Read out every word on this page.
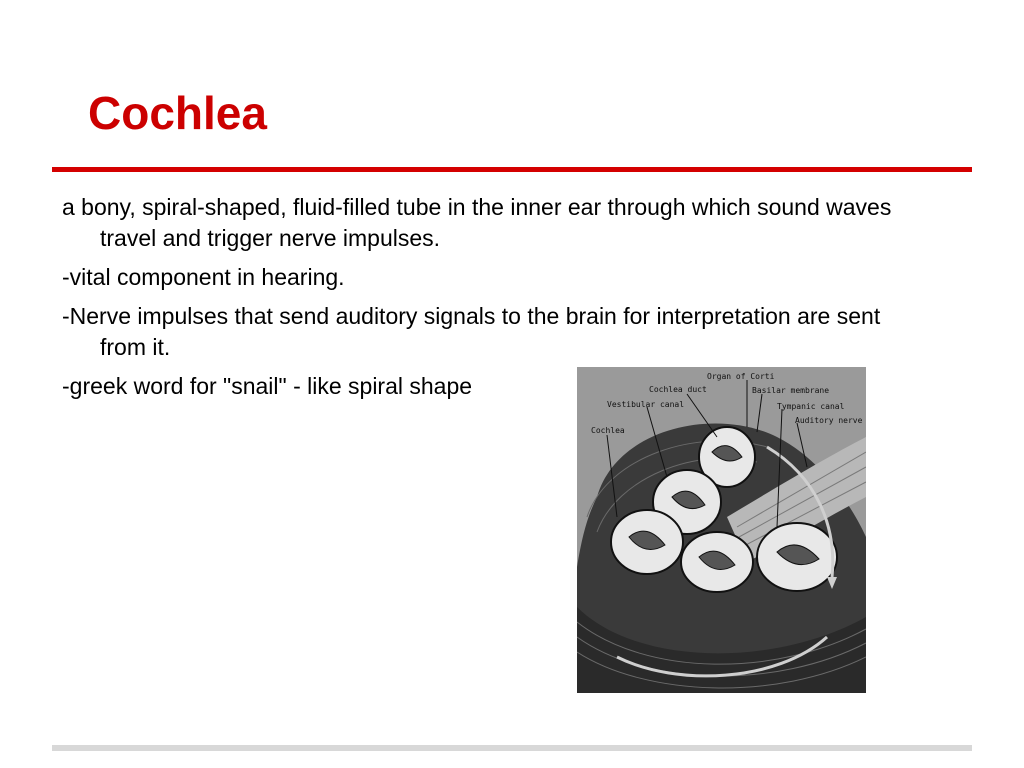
Cochlea
a bony, spiral-shaped, fluid-filled tube in the inner ear through which sound waves travel and trigger nerve impulses.
-vital component in hearing.
-Nerve impulses that send auditory signals to the brain for interpretation are sent from it.
-greek word for "snail" - like spiral shape	Organ of Corti
Cochlea duct	Basilar membrane
Vestibular canal	Tympanic canal
Auditory nerve
Cochlea
